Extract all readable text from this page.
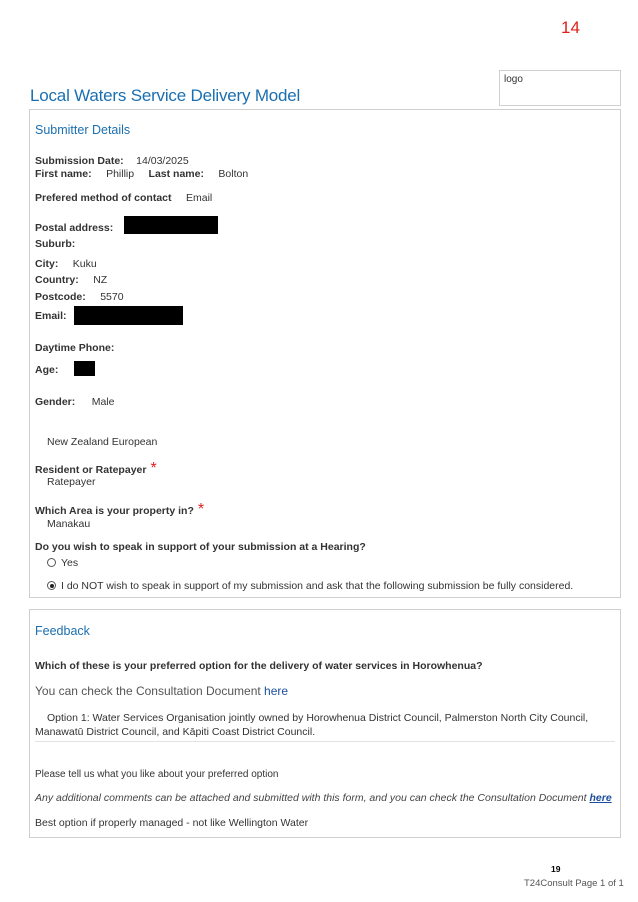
14
logo
Local Waters Service Delivery Model
Submitter Details
Submission Date: 14/03/2025
First name: Phillip Last name: Bolton
Prefered method of contact Email
Postal address:
Suburb:
City: Kuku
Country: NZ
Postcode: 5570
Email:
Daytime Phone:
Age:
Gender: Male
New Zealand European
Resident or Ratepayer *
Ratepayer
Which Area is your property in? *
Manakau
Do you wish to speak in support of your submission at a Hearing?
Yes
I do NOT wish to speak in support of my submission and ask that the following submission be fully considered.
Feedback
Which of these is your preferred option for the delivery of water services in Horowhenua?
You can check the Consultation Document here
Option 1: Water Services Organisation jointly owned by Horowhenua District Council, Palmerston North City Council, Manawatū District Council, and Kāpiti Coast District Council.
Please tell us what you like about your preferred option
Any additional comments can be attached and submitted with this form, and you can check the Consultation Document here
Best option if properly managed - not like Wellington Water
19
T24Consult Page 1 of 1
